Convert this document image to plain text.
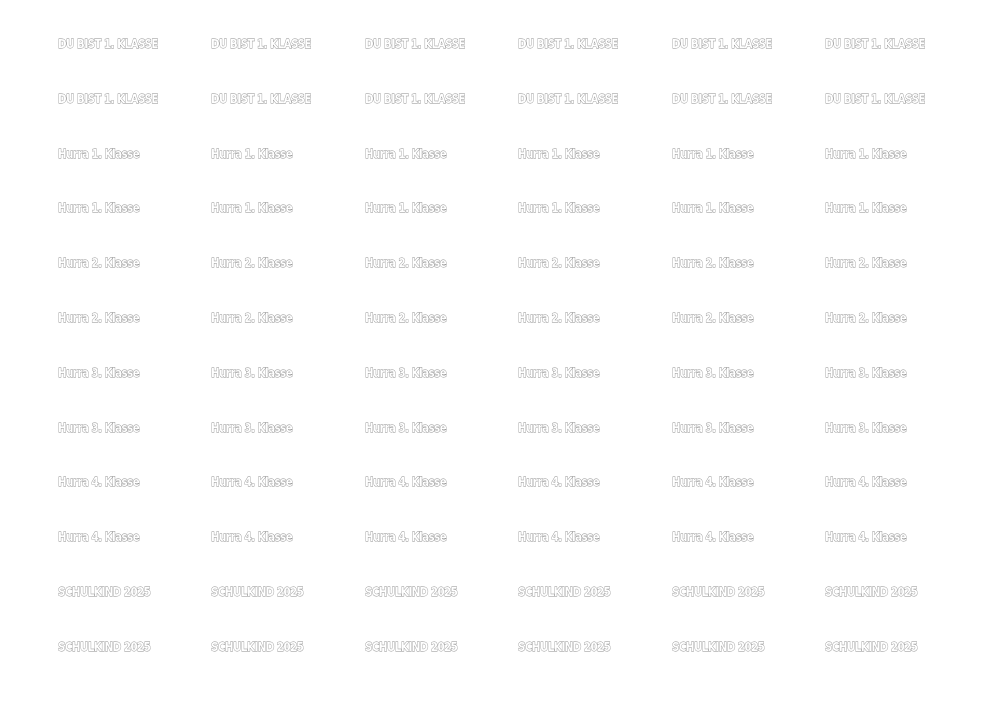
DU BIST 1. KLASSE	DU BIST 1. KLASSE	DU BIST 1. KLASSE	DU BIST 1. KLASSE	DU BIST 1. KLASSE	DU BIST 1. KLASSE
DU BIST 1. KLASSE	DU BIST 1. KLASSE	DU BIST 1. KLASSE	DU BIST 1. KLASSE	DU BIST 1. KLASSE	DU BIST 1. KLASSE
Hurra 1. Klasse	Hurra 1. Klasse	Hurra 1. Klasse	Hurra 1. Klasse	Hurra 1. Klasse	Hurra 1. Klasse
Hurra 1. Klasse	Hurra 1. Klasse	Hurra 1. Klasse	Hurra 1. Klasse	Hurra 1. Klasse	Hurra 1. Klasse
Hurra 2. Klasse	Hurra 2. Klasse	Hurra 2. Klasse	Hurra 2. Klasse	Hurra 2. Klasse	Hurra 2. Klasse
Hurra 2. Klasse	Hurra 2. Klasse	Hurra 2. Klasse	Hurra 2. Klasse	Hurra 2. Klasse	Hurra 2. Klasse
Hurra 3. Klasse	Hurra 3. Klasse	Hurra 3. Klasse	Hurra 3. Klasse	Hurra 3. Klasse	Hurra 3. Klasse
Hurra 3. Klasse	Hurra 3. Klasse	Hurra 3. Klasse	Hurra 3. Klasse	Hurra 3. Klasse	Hurra 3. Klasse
Hurra 4. Klasse	Hurra 4. Klasse	Hurra 4. Klasse	Hurra 4. Klasse	Hurra 4. Klasse	Hurra 4. Klasse
Hurra 4. Klasse	Hurra 4. Klasse	Hurra 4. Klasse	Hurra 4. Klasse	Hurra 4. Klasse	Hurra 4. Klasse
SCHULKIND 2025	SCHULKIND 2025	SCHULKIND 2025	SCHULKIND 2025	SCHULKIND 2025	SCHULKIND 2025
SCHULKIND 2025	SCHULKIND 2025	SCHULKIND 2025	SCHULKIND 2025	SCHULKIND 2025	SCHULKIND 2025
